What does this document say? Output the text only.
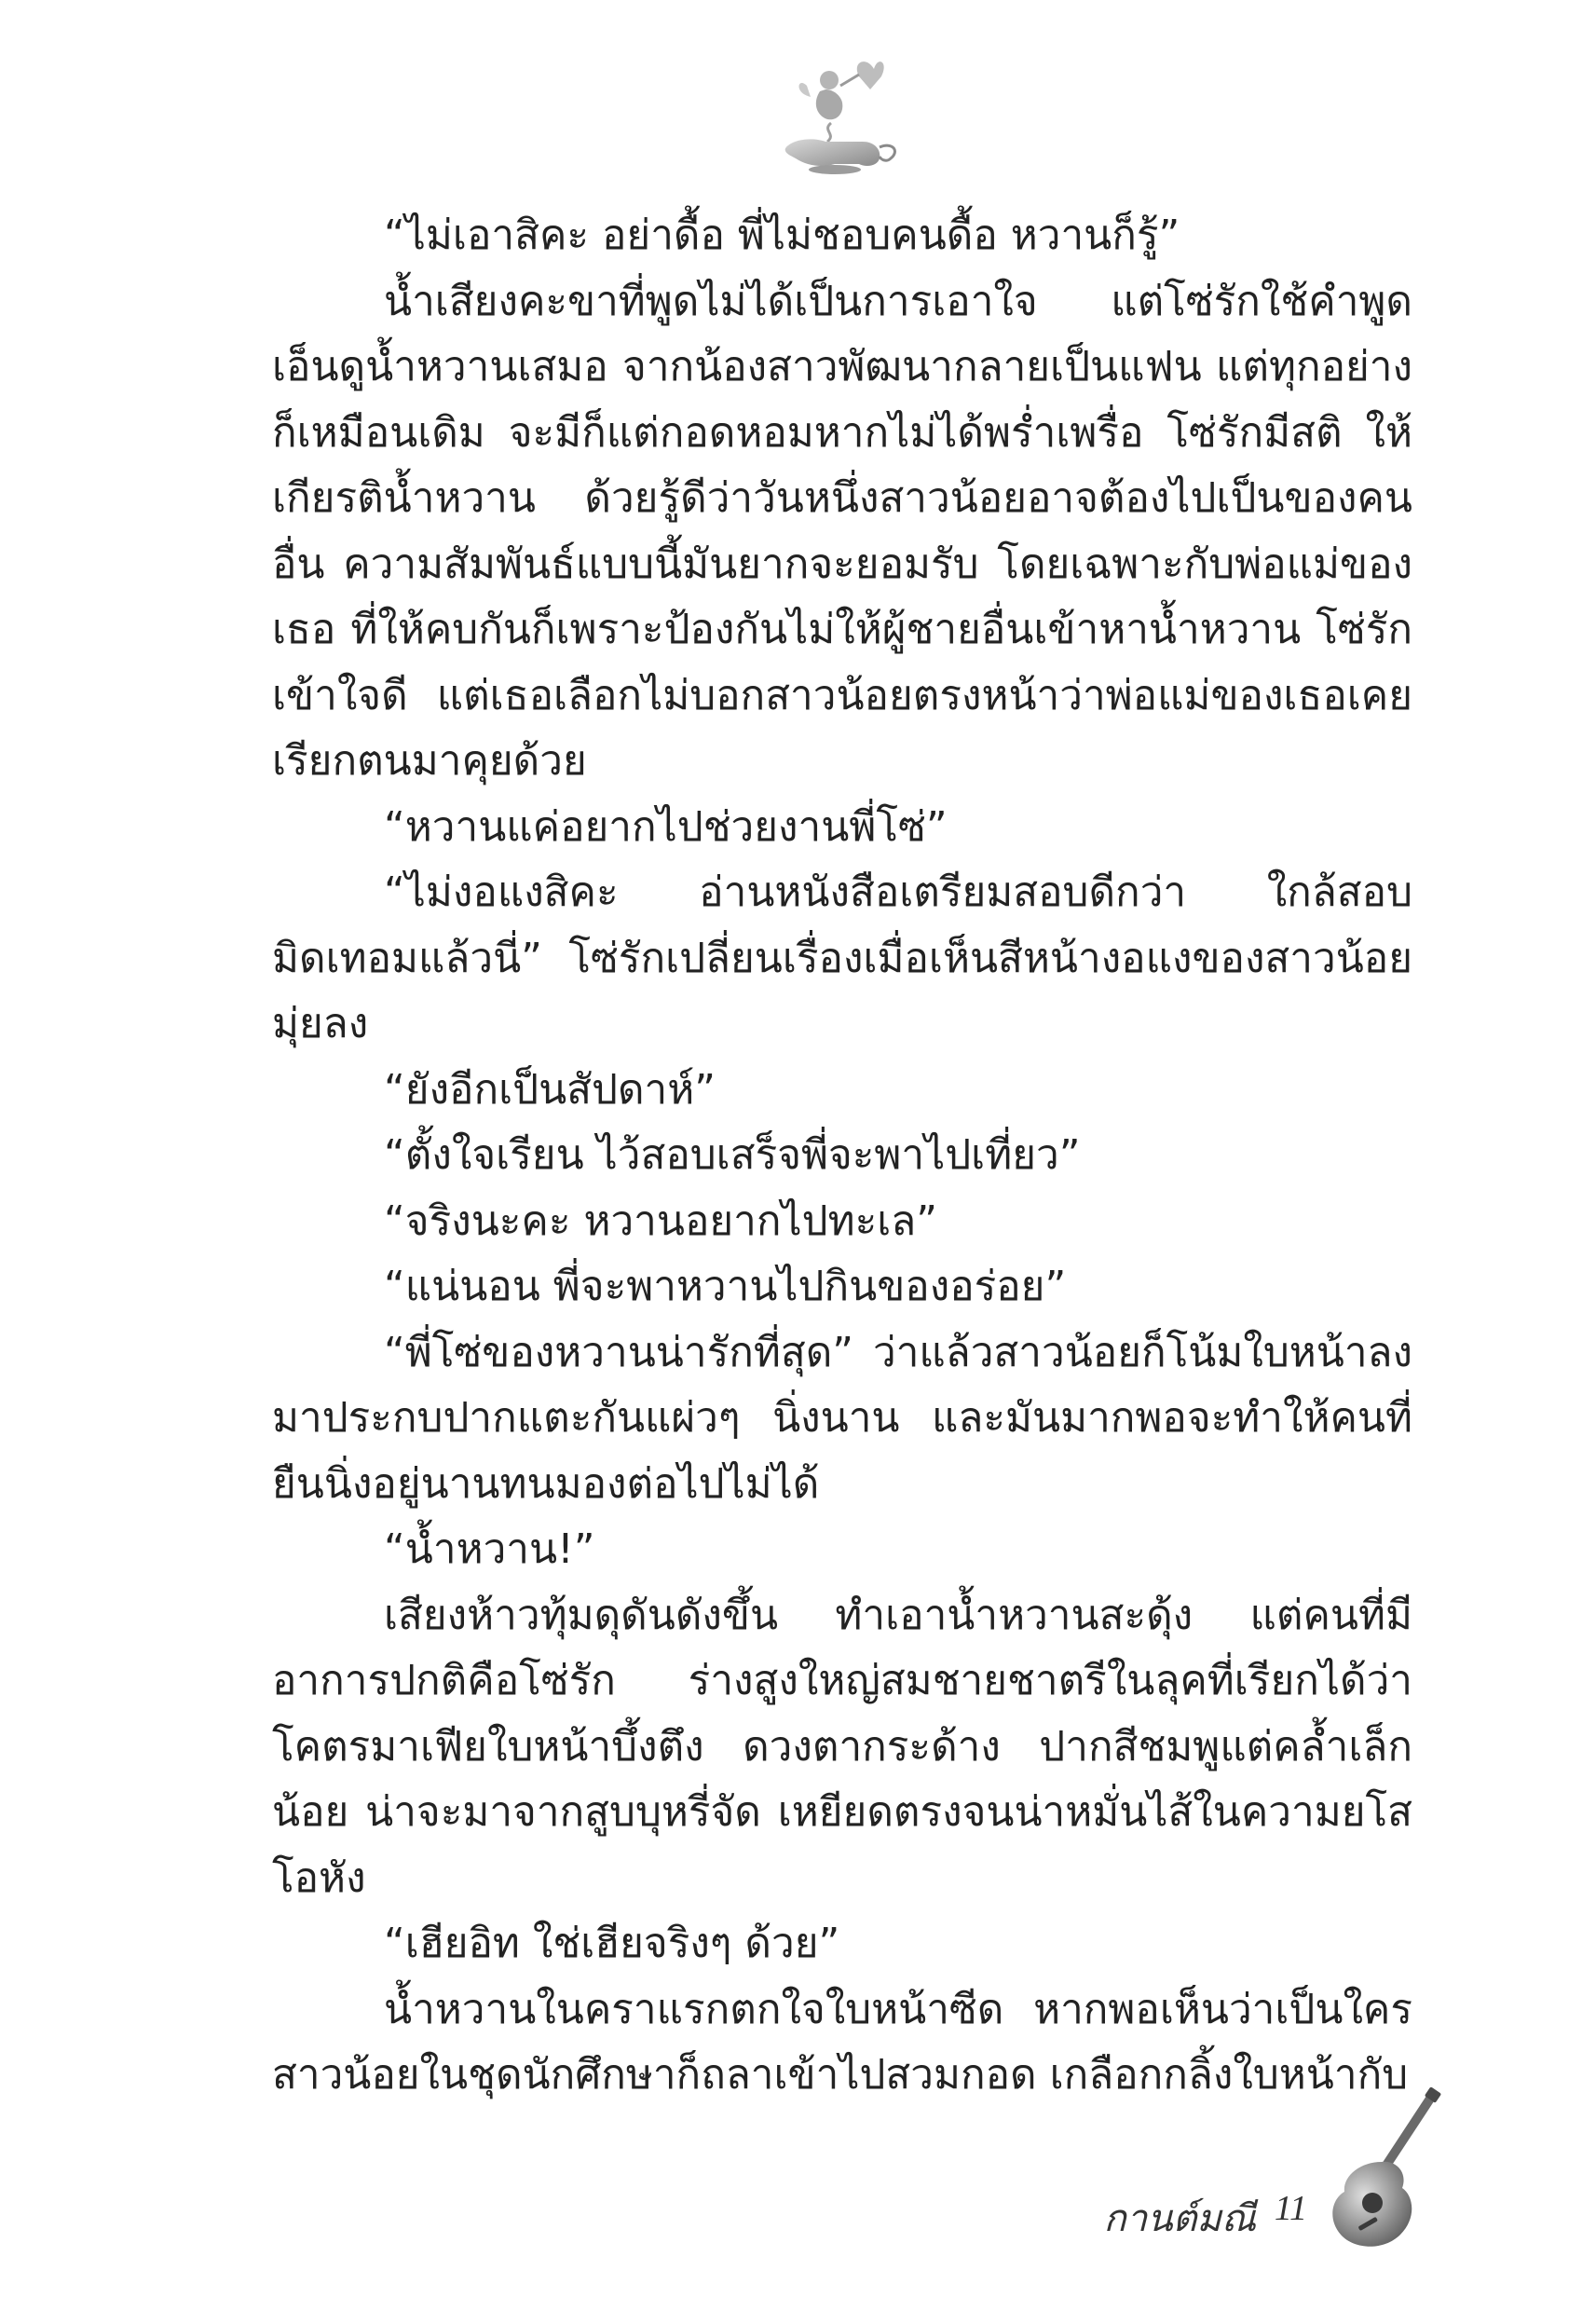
“ไม่เอาสิคะ อย่าดื้อ พี่ไม่ชอบคนดื้อ หวานก็รู้”

น้ำเสียงคะขาที่พูดไม่ได้เป็นการเอาใจ แต่โซ่รักใช้คำพูดเอ็นดูน้ำหวานเสมอ จากน้องสาวพัฒนากลายเป็นแฟน แต่ทุกอย่างก็เหมือนเดิม จะมีก็แต่กอดหอมหากไม่ได้พร่ำเพรื่อ โซ่รักมีสติ ให้เกียรติน้ำหวาน ด้วยรู้ดีว่าวันหนึ่งสาวน้อยอาจต้องไปเป็นของคนอื่น ความสัมพันธ์แบบนี้มันยากจะยอมรับ โดยเฉพาะกับพ่อแม่ของเธอ ที่ให้คบกันก็เพราะป้องกันไม่ให้ผู้ชายอื่นเข้าหาน้ำหวาน โซ่รักเข้าใจดี แต่เธอเลือกไม่บอกสาวน้อยตรงหน้าว่าพ่อแม่ของเธอเคยเรียกตนมาคุยด้วย

“หวานแค่อยากไปช่วยงานพี่โซ่”

“ไม่งอแงสิคะ อ่านหนังสือเตรียมสอบดีกว่า ใกล้สอบมิดเทอมแล้วนี่” โซ่รักเปลี่ยนเรื่องเมื่อเห็นสีหน้างอแงของสาวน้อยมุ่ยลง

“ยังอีกเป็นสัปดาห์”

“ตั้งใจเรียน ไว้สอบเสร็จพี่จะพาไปเที่ยว”

“จริงนะคะ หวานอยากไปทะเล”

“แน่นอน พี่จะพาหวานไปกินของอร่อย”

“พี่โซ่ของหวานน่ารักที่สุด” ว่าแล้วสาวน้อยก็โน้มใบหน้าลงมาประกบปากแตะกันแผ่วๆ นิ่งนาน และมันมากพอจะทำให้คนที่ยืนนิ่งอยู่นานทนมองต่อไปไม่ได้

“น้ำหวาน!”

เสียงห้าวทุ้มดุดันดังขึ้น ทำเอาน้ำหวานสะดุ้ง แต่คนที่มีอาการปกติคือโซ่รัก ร่างสูงใหญ่สมชายชาตรีในลุคที่เรียกได้ว่าโคตรมาเฟียใบหน้าบึ้งตึง ดวงตากระด้าง ปากสีชมพูแต่คล้ำเล็กน้อย น่าจะมาจากสูบบุหรี่จัด เหยียดตรงจนน่าหมั่นไส้ในความยโสโอหัง

“เฮียอิท ใช่เฮียจริงๆ ด้วย”

น้ำหวานในคราแรกตกใจใบหน้าซีด หากพอเห็นว่าเป็นใครสาวน้อยในชุดนักศึกษาก็ถลาเข้าไปสวมกอด เกลือกกลิ้งใบหน้ากับ

กานต์มณี 11
